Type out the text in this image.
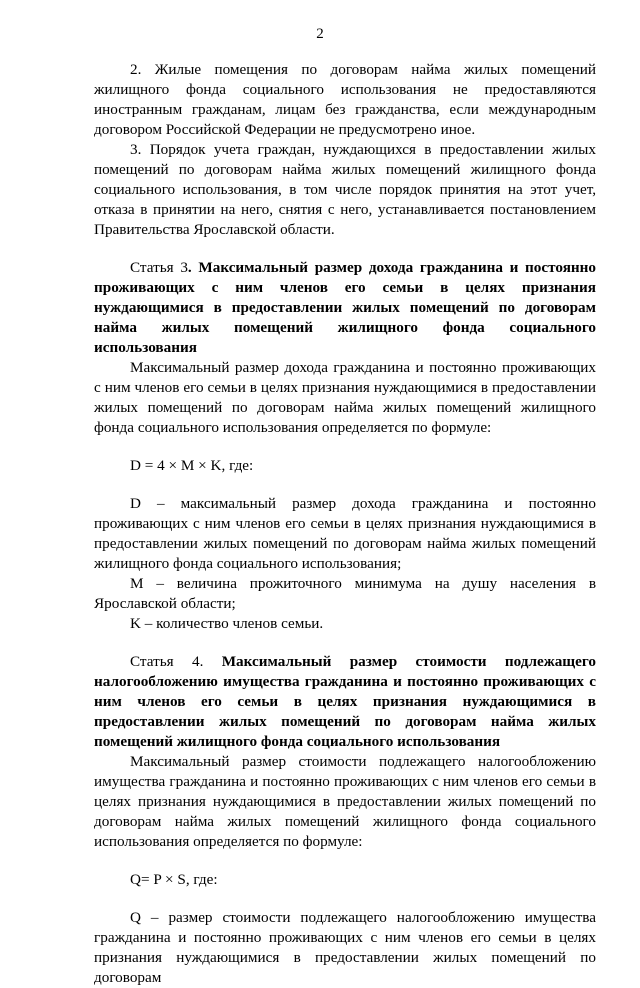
2

2. Жилые помещения по договорам найма жилых помещений жилищного фонда социального использования не предоставляются иностранным гражданам, лицам без гражданства, если международным договором Российской Федерации не предусмотрено иное.

3. Порядок учета граждан, нуждающихся в предоставлении жилых помещений по договорам найма жилых помещений жилищного фонда социального использования, в том числе порядок принятия на этот учет, отказа в принятии на него, снятия с него, устанавливается постановлением Правительства Ярославской области.

Статья 3. Максимальный размер дохода гражданина и постоянно проживающих с ним членов его семьи в целях признания нуждающимися в предоставлении жилых помещений по договорам найма жилых помещений жилищного фонда социального использования

Максимальный размер дохода гражданина и постоянно проживающих с ним членов его семьи в целях признания нуждающимися в предоставлении жилых помещений по договорам найма жилых помещений жилищного фонда социального использования определяется по формуле:

D = 4 × M × K, где:

D – максимальный размер дохода гражданина и постоянно проживающих с ним членов его семьи в целях признания нуждающимися в предоставлении жилых помещений по договорам найма жилых помещений жилищного фонда социального использования;

M – величина прожиточного минимума на душу населения в Ярославской области;

K – количество членов семьи.

Статья 4. Максимальный размер стоимости подлежащего налогообложению имущества гражданина и постоянно проживающих с ним членов его семьи в целях признания нуждающимися в предоставлении жилых помещений по договорам найма жилых помещений жилищного фонда социального использования

Максимальный размер стоимости подлежащего налогообложению имущества гражданина и постоянно проживающих с ним членов его семьи в целях признания нуждающимися в предоставлении жилых помещений по договорам найма жилых помещений жилищного фонда социального использования определяется по формуле:

Q= P × S, где:

Q – размер стоимости подлежащего налогообложению имущества гражданина и постоянно проживающих с ним членов его семьи в целях признания нуждающимися в предоставлении жилых помещений по договорам
